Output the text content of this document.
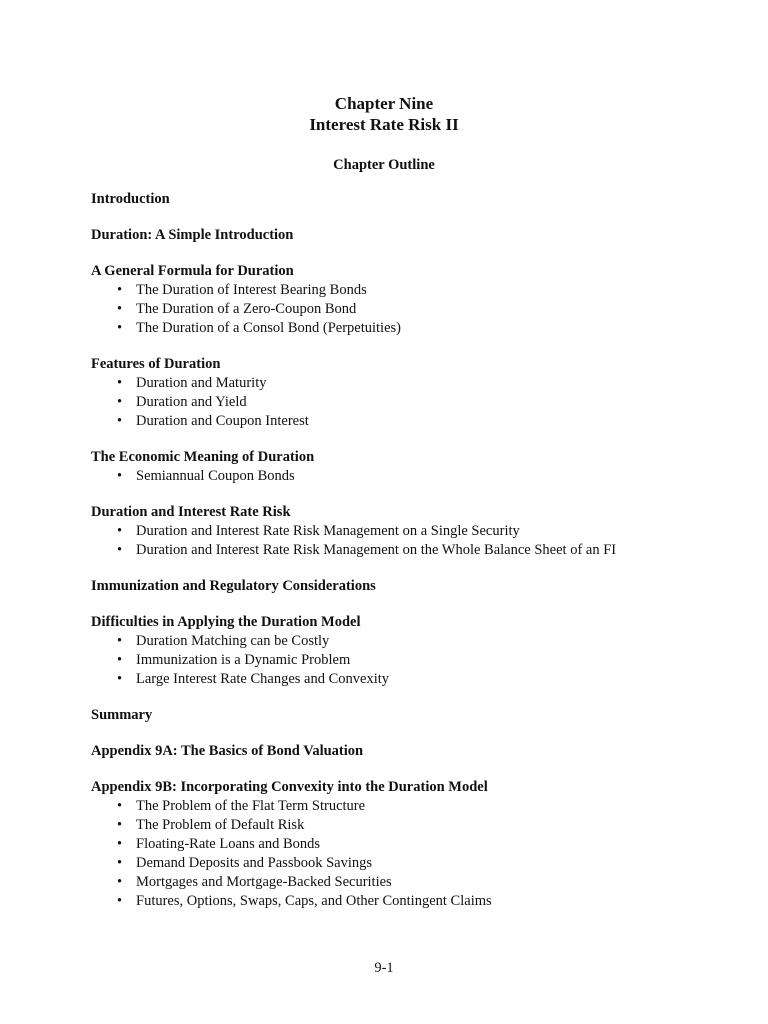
Chapter Nine
Interest Rate Risk II
Chapter Outline
Introduction
Duration: A Simple Introduction
A General Formula for Duration
• The Duration of Interest Bearing Bonds
• The Duration of a Zero-Coupon Bond
• The Duration of a Consol Bond (Perpetuities)
Features of Duration
• Duration and Maturity
• Duration and Yield
• Duration and Coupon Interest
The Economic Meaning of Duration
• Semiannual Coupon Bonds
Duration and Interest Rate Risk
• Duration and Interest Rate Risk Management on a Single Security
• Duration and Interest Rate Risk Management on the Whole Balance Sheet of an FI
Immunization and Regulatory Considerations
Difficulties in Applying the Duration Model
• Duration Matching can be Costly
• Immunization is a Dynamic Problem
• Large Interest Rate Changes and Convexity
Summary
Appendix 9A: The Basics of Bond Valuation
Appendix 9B: Incorporating Convexity into the Duration Model
• The Problem of the Flat Term Structure
• The Problem of Default Risk
• Floating-Rate Loans and Bonds
• Demand Deposits and Passbook Savings
• Mortgages and Mortgage-Backed Securities
• Futures, Options, Swaps, Caps, and Other Contingent Claims
9-1
